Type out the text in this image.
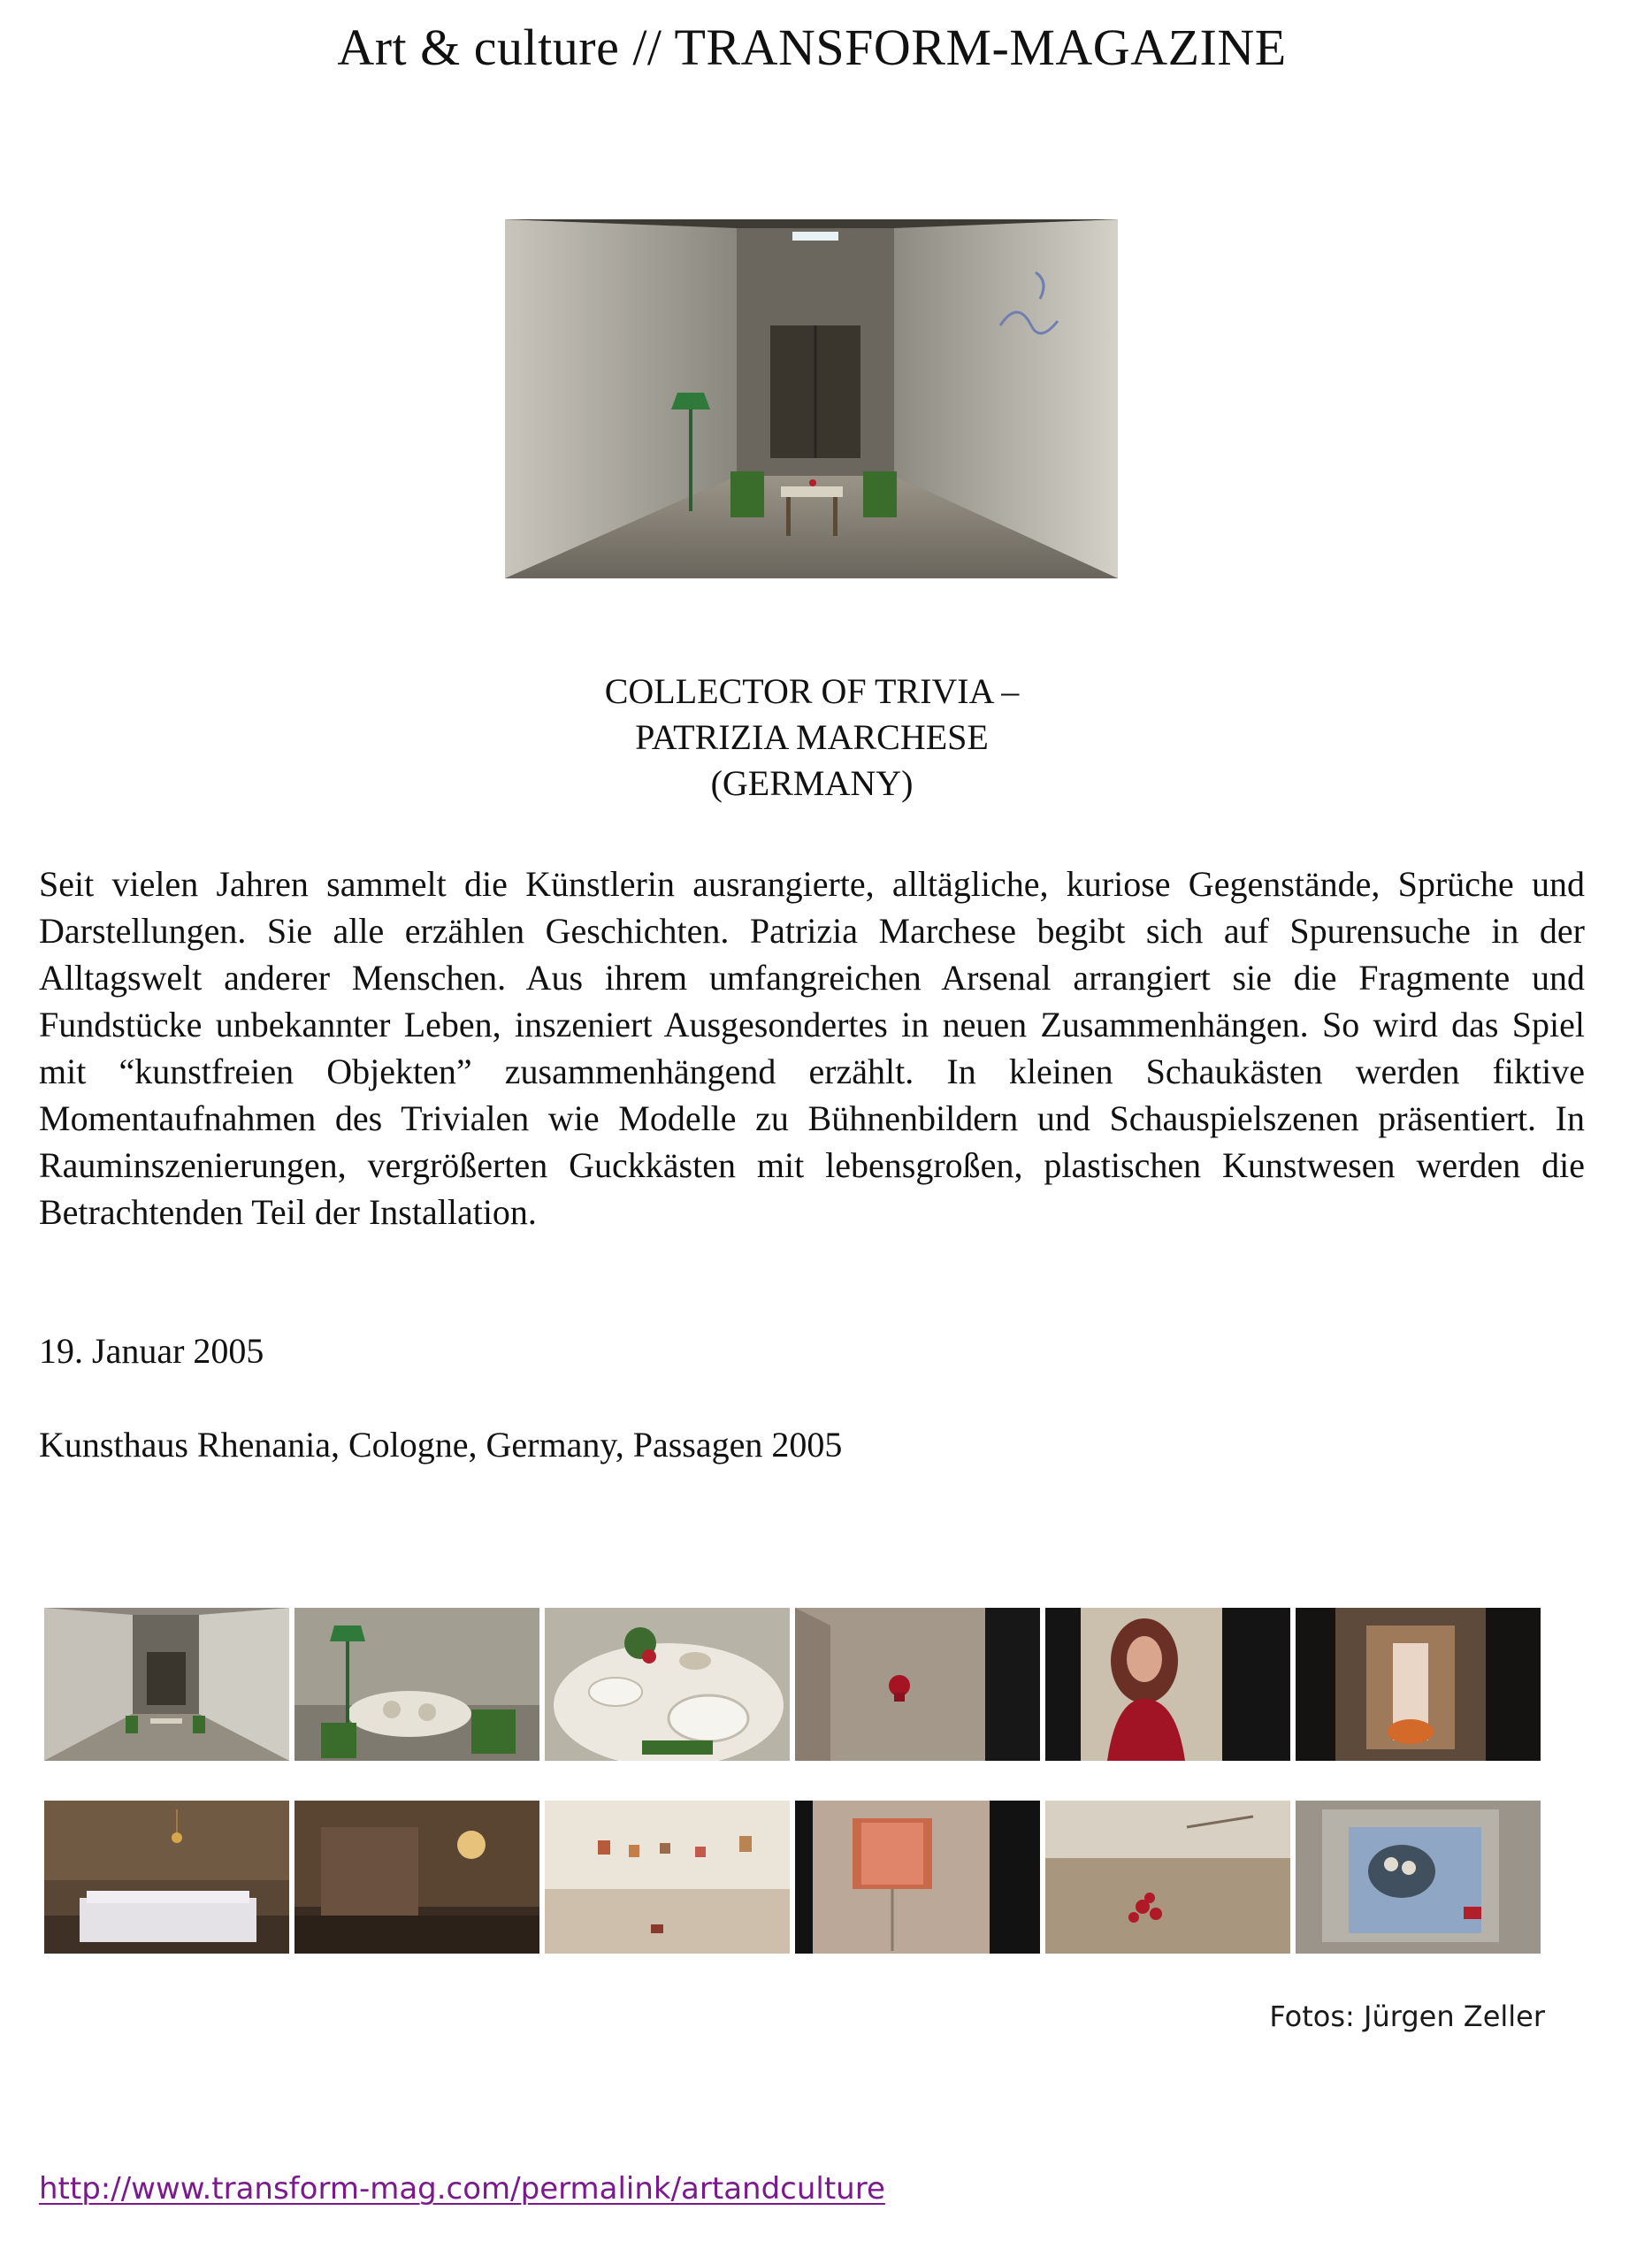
Art & culture // TRANSFORM-MAGAZINE
COLLECTOR OF TRIVIA –
PATRIZIA MARCHESE
(GERMANY)
Seit vielen Jahren sammelt die Künstlerin ausrangierte, alltägliche, kuriose Gegenstände, Sprüche und Darstellungen. Sie alle erzählen Geschichten. Patrizia Marchese begibt sich auf Spurensuche in der Alltagswelt anderer Menschen. Aus ihrem umfangreichen Arsenal arrangiert sie die Fragmente und Fundstücke unbekannter Leben, inszeniert Ausgesondertes in neuen Zusammenhängen. So wird das Spiel mit “kunstfreien Objekten” zusammenhängend erzählt. In kleinen Schaukästen werden fiktive Momentaufnahmen des Trivialen wie Modelle zu Bühnenbildern und Schauspielszenen präsentiert. In Rauminszenierungen, vergrößerten Guckkästen mit lebensgroßen, plastischen Kunstwesen werden die Betrachtenden Teil der Installation.
19. Januar 2005
Kunsthaus Rhenania, Cologne, Germany, Passagen 2005
Fotos: Jürgen Zeller
http://www.transform-mag.com/permalink/artandculture
